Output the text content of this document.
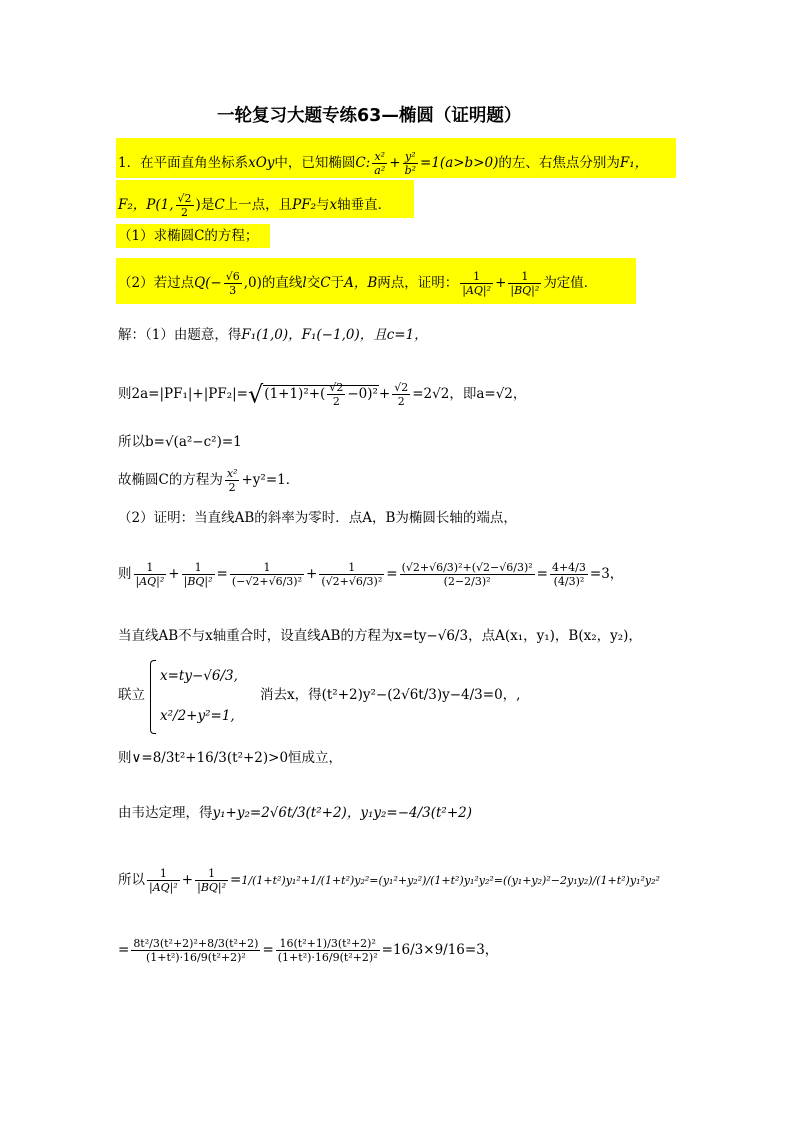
一轮复习大题专练63—椭圆（证明题）
1．在平面直角坐标系xOy中，已知椭圆C: $\frac{\text{x²}}{\text{a²}} + \frac{\text{y²}}{\text{b²}} =1(a>b>0)$的左、右焦点分别为F₁，
F₂，P(1, $\frac{√2}{2}$ )是C上一点，且PF₂与x轴垂直．
（1）求椭圆C的方程；
（2）若过点$Q(- \frac{√6}{3} ,0)$的直线l交C于A，B两点，证明： $\frac{1}{\text{|AQ|²}} + \frac{1}{\text{|BQ|²}}$ 为定值．
解：（1）由题意，得F₁(1,0)，F₁(−1,0)，且c=1，
则$2a=|PF_1|+|PF_2|=√(1+1)^2+( \frac{√2}{2} -0)^2+ \frac{√2}{2} =2√2$，即a=√2，
所以b=√(a²−c²)=1
故椭圆C的方程为 $\frac{\text{x²}}{2} +y^2=1$．
（2）证明：当直线AB的斜率为零时．点A，B为椭圆长轴的端点，
则 $\frac{1}{\text{|AQ|²}} + \frac{1}{\text{|BQ|²}} = \frac{1}{\text{(−√2+√6/3)²}} + \frac{1}{\text{(√2+√6/3)²}} = \frac{\text{(√2+√6/3)²+(√2−√6/3)²}}{\text{(2−2/3)²}} = \frac{4+4/3}{\text{(4/3)²}} =3$，
当直线AB不与x轴重合时，设直线AB的方程为x=ty−√6/3，点A(x₁，y₁)，B(x₂，y₂)，
联立
x=ty−√6/3,
x²/2+y²=1,
消去x，得(t²+2)y²−(2√6t/3)y−4/3=0，,
则∨=8/3t²+16/3(t²+2)>0恒成立，
由韦达定理，得y₁+y₂=2√6t/3(t²+2)，y₁y₂=−4/3(t²+2)
所以 $\frac{1}{\text{|AQ|²}} + \frac{1}{\text{|BQ|²}} =1/(1+t^2)y_1^2+1/(1+t^2)y_2^2=(y_1^2+y_2^2)/(1+t^2)y_1^2y_2^2=((y_1+y_2)^2-2y_1y_2)/(1+t^2)y_1^2y_2^2$
= $\frac{\text{8t²/3(t²+2)²+8/3(t²+2)}}{\text{(1+t²)·16/9(t²+2)²}} = \frac{\text{16(t²+1)/3(t²+2)²}}{\text{(1+t²)·16/9(t²+2)²}} =16/3\times 9/16=3$，
